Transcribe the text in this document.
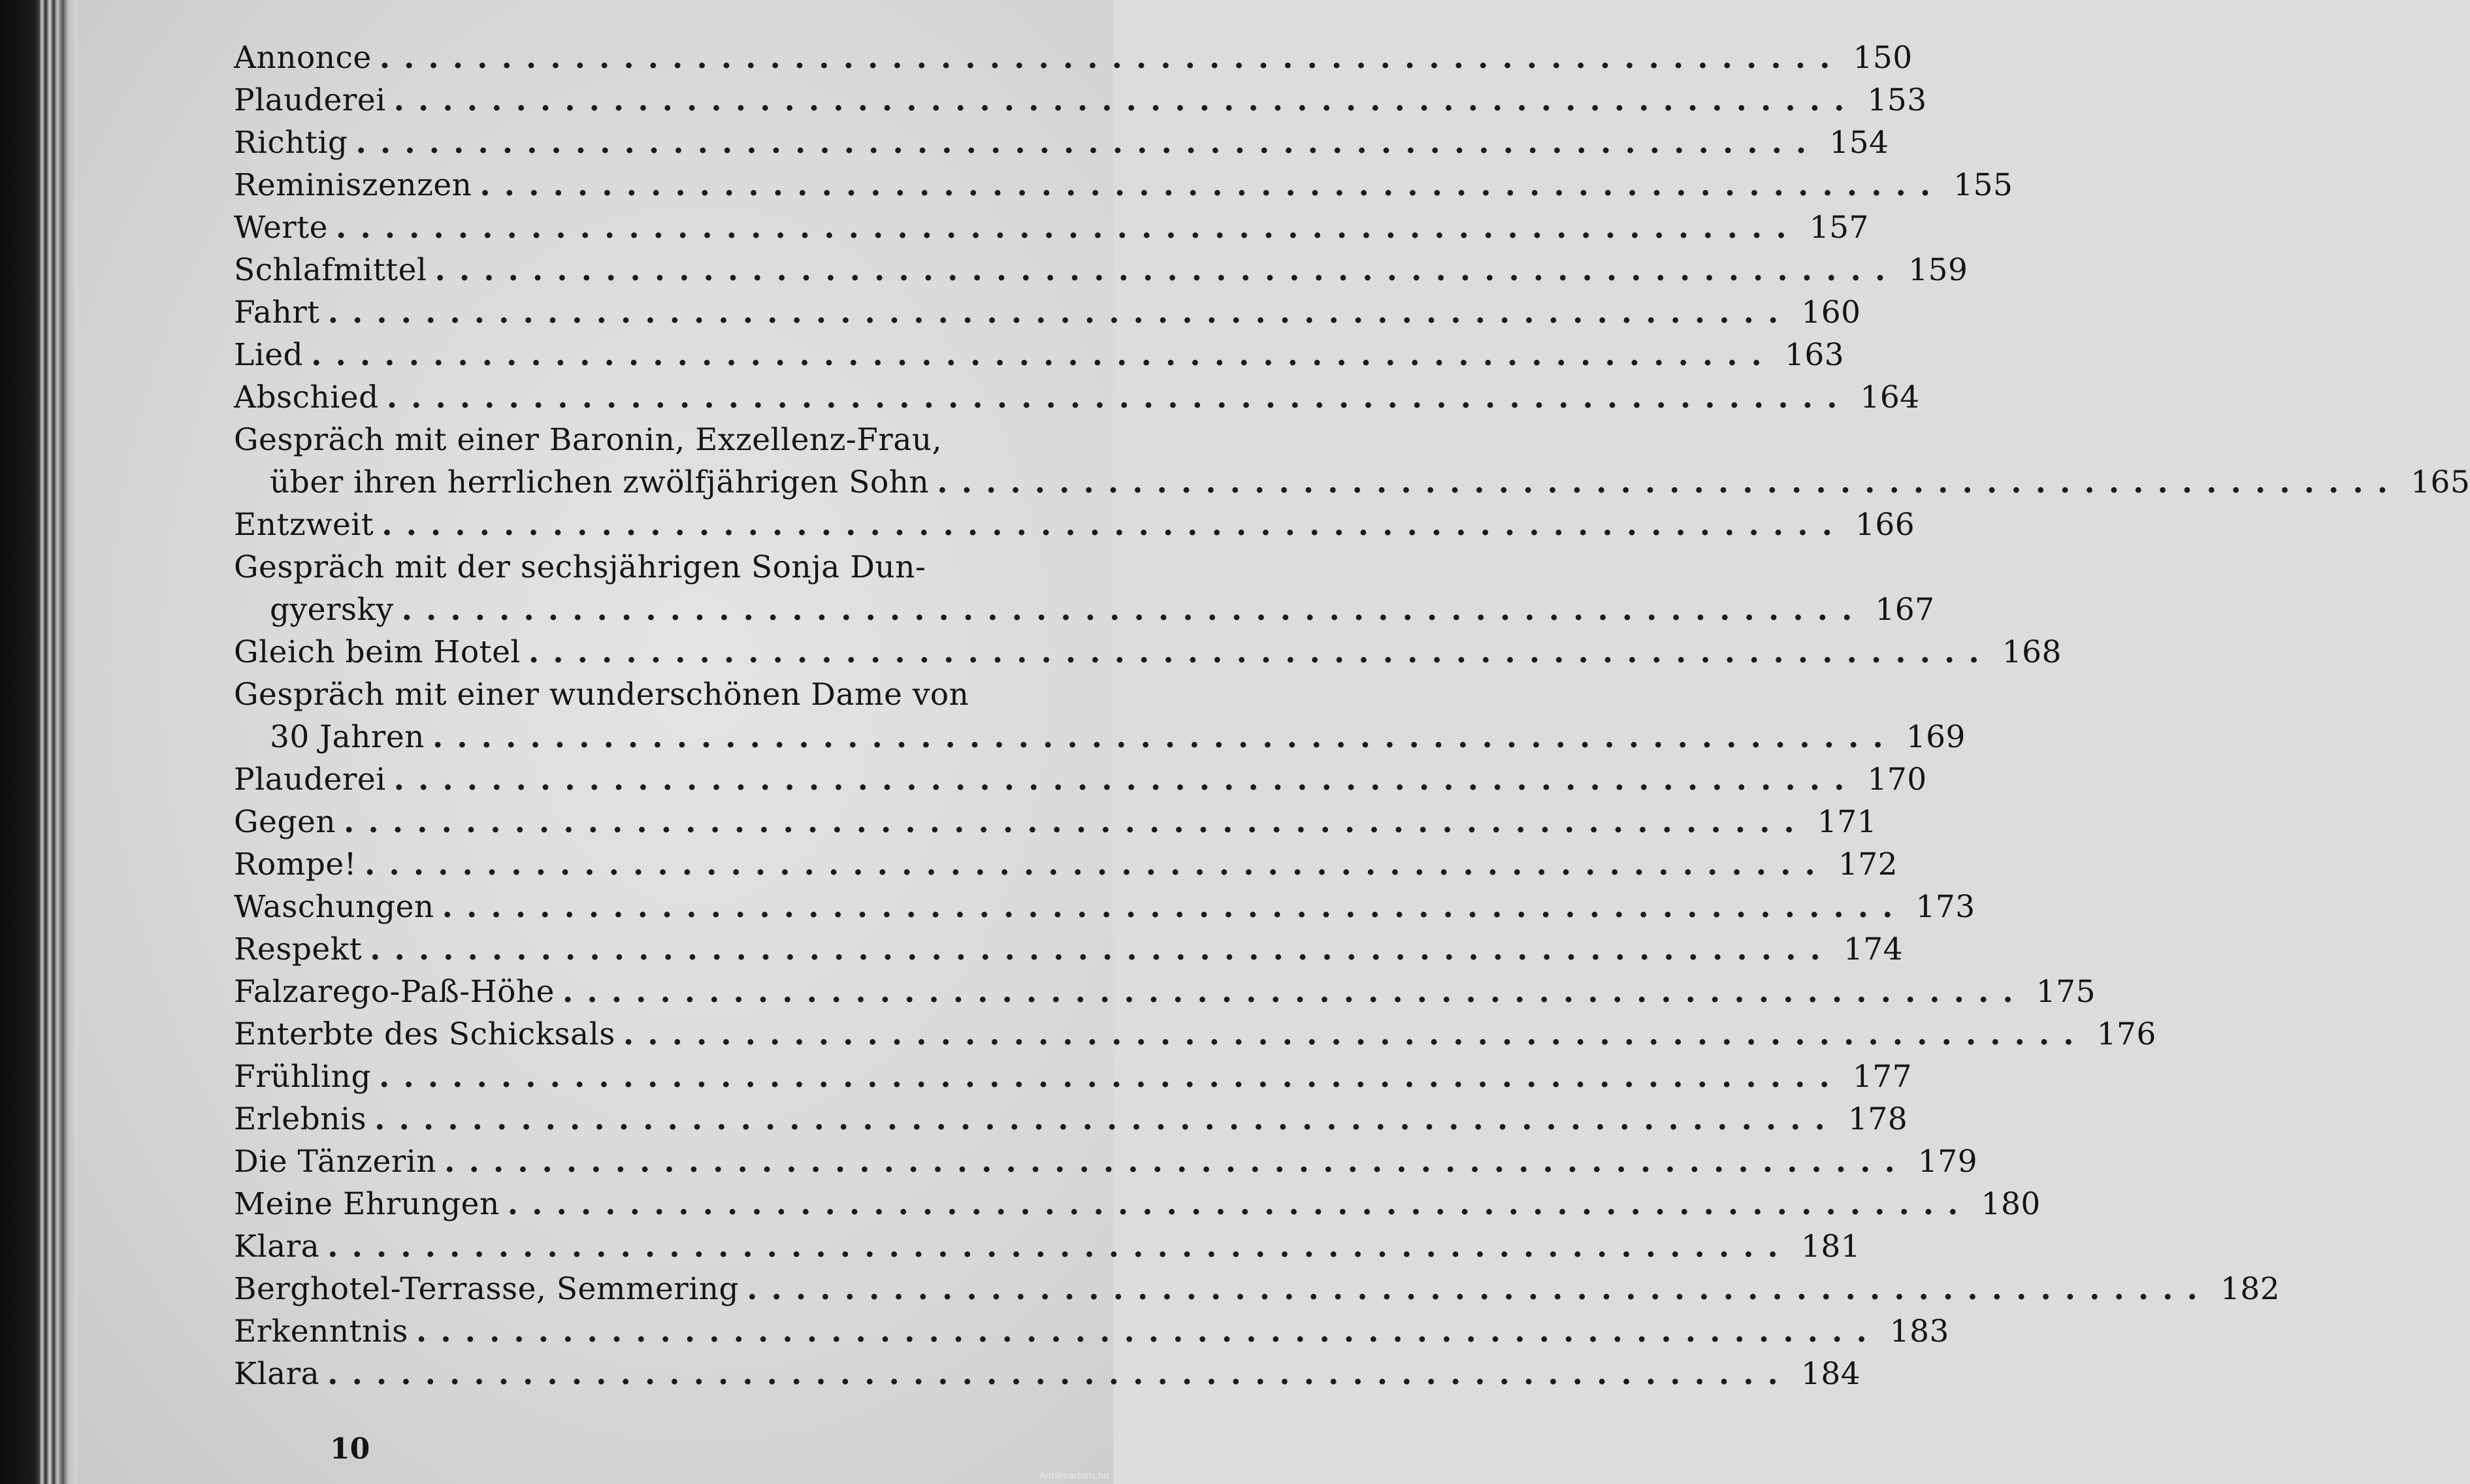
Annonce ............................................................ 150
Plauderei ............................................................ 153
Richtig ............................................................ 154
Reminiszenzen ............................................................ 155
Werte ............................................................ 157
Schlafmittel ............................................................ 159
Fahrt ............................................................ 160
Lied ............................................................ 163
Abschied ............................................................ 164
Gespräch mit einer Baronin, Exzellenz-Frau,
über ihren herrlichen zwölfjährigen Sohn ............................................................ 165
Entzweit ............................................................ 166
Gespräch mit der sechsjährigen Sonja Dun-
gyersky ............................................................ 167
Gleich beim Hotel ............................................................ 168
Gespräch mit einer wunderschönen Dame von
30 Jahren ............................................................ 169
Plauderei ............................................................ 170
Gegen ............................................................ 171
Rompe! ............................................................ 172
Waschungen ............................................................ 173
Respekt ............................................................ 174
Falzarego-Paß-Höhe ............................................................ 175
Enterbte des Schicksals ............................................................ 176
Frühling ............................................................ 177
Erlebnis ............................................................ 178
Die Tänzerin ............................................................ 179
Meine Ehrungen ............................................................ 180
Klara ............................................................ 181
Berghotel-Terrasse, Semmering ............................................................ 182
Erkenntnis ............................................................ 183
Klara ............................................................ 184
10
Antikvarium.hu
